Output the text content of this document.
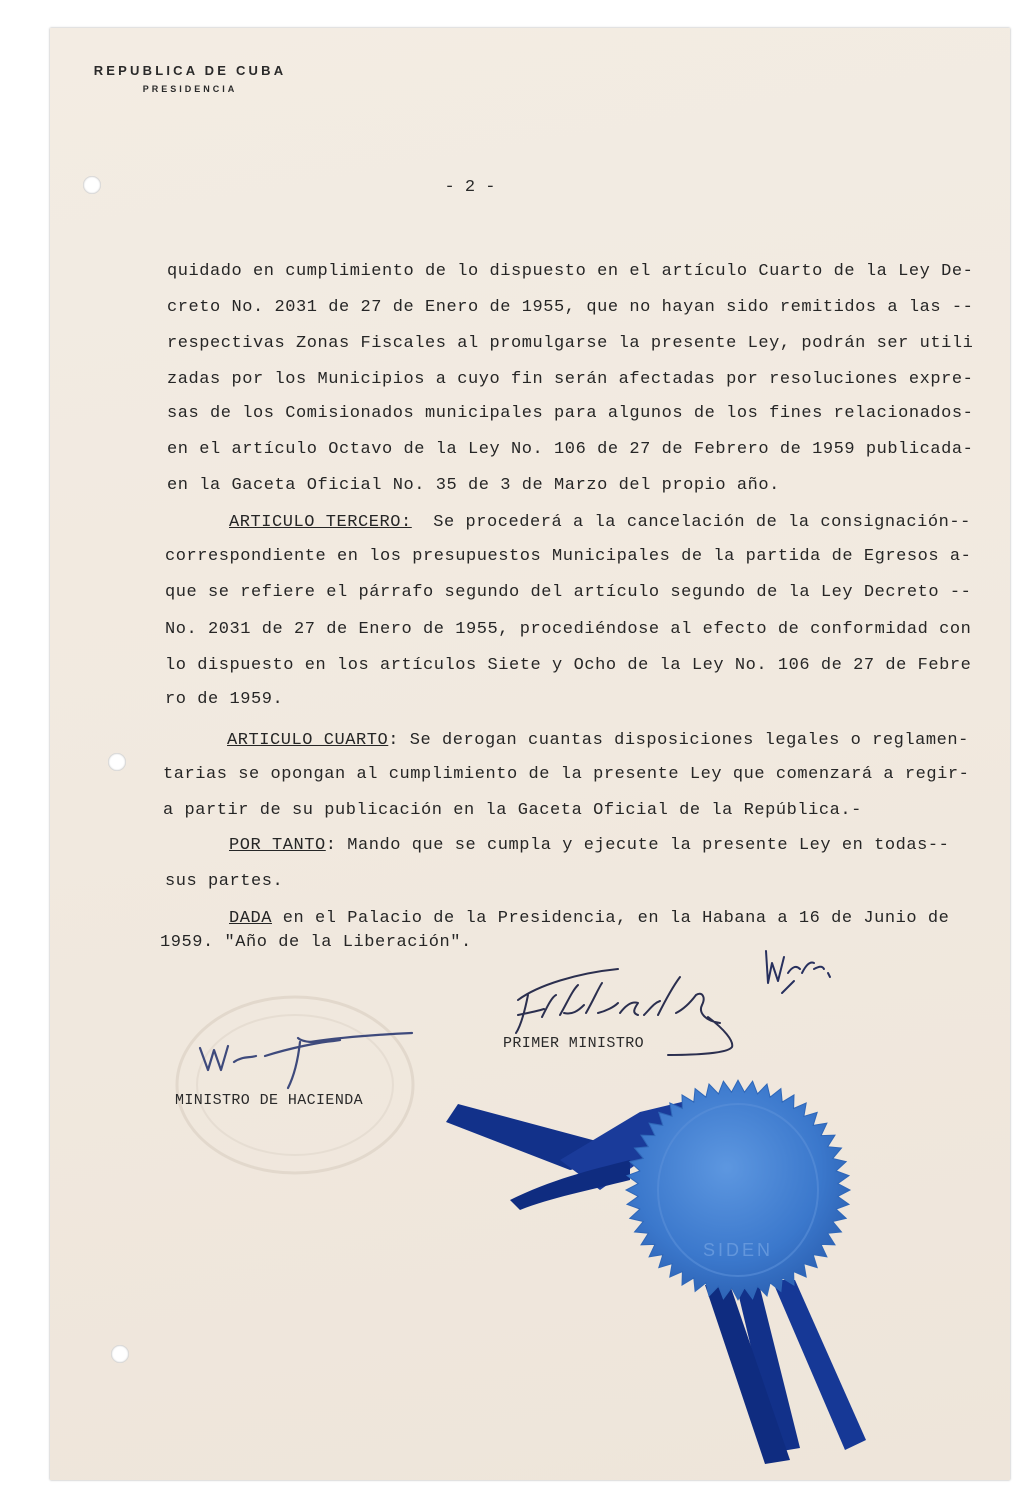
REPUBLICA DE CUBA
PRESIDENCIA
- 2 -
quidado en cumplimiento de lo dispuesto en el artículo Cuarto de la Ley De-
creto No. 2031 de 27 de Enero de 1955, que no hayan sido remitidos a las --
respectivas Zonas Fiscales al promulgarse la presente Ley, podrán ser utili
zadas por los Municipios a cuyo fin serán afectadas por resoluciones expre-
sas de los Comisionados municipales para algunos de los fines relacionados-
en el artículo Octavo de la Ley No. 106 de 27 de Febrero de 1959 publicada-
en la Gaceta Oficial No. 35 de 3 de Marzo del propio año.
ARTICULO TERCERO:  Se procederá a la cancelación de la consignación--
correspondiente en los presupuestos Municipales de la partida de Egresos a-
que se refiere el párrafo segundo del artículo segundo de la Ley Decreto --
No. 2031 de 27 de Enero de 1955, procediéndose al efecto de conformidad con
lo dispuesto en los artículos Siete y Ocho de la Ley No. 106 de 27 de Febre
ro de 1959.
ARTICULO CUARTO: Se derogan cuantas disposiciones legales o reglamen-
tarias se opongan al cumplimiento de la presente Ley que comenzará a regir-
a partir de su publicación en la Gaceta Oficial de la República.-
POR TANTO: Mando que se cumpla y ejecute la presente Ley en todas--
sus partes.
DADA en el Palacio de la Presidencia, en la Habana a 16 de Junio de
1959. "Año de la Liberación".
MINISTRO DE HACIENDA
PRIMER MINISTRO
SIDEN
